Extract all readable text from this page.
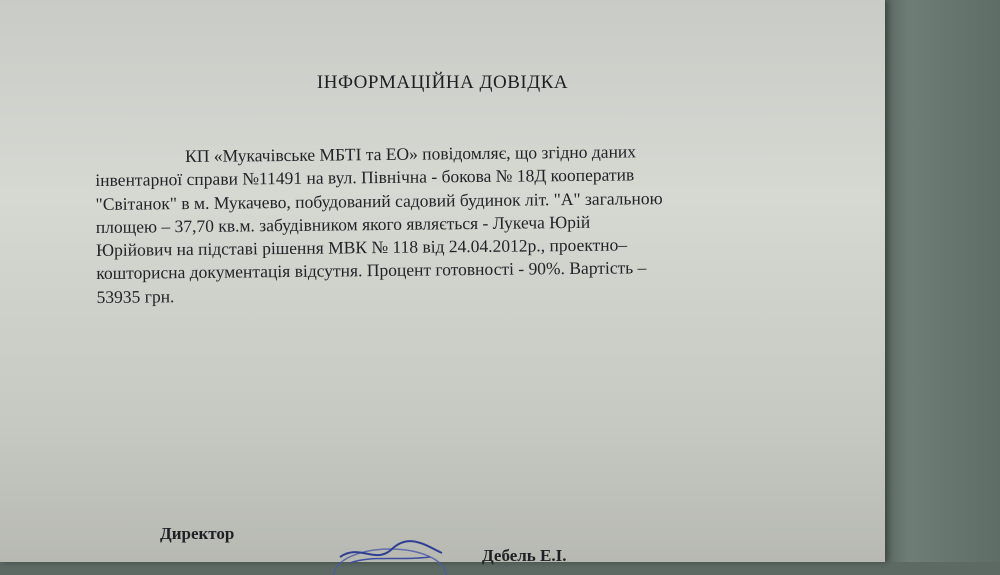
ІНФОРМАЦІЙНА ДОВІДКА
КП «Мукачівське МБТІ та ЕО» повідомляє, що згідно даних
інвентарної справи №11491 на вул. Північна - бокова № 18Д кооператив
"Світанок" в м. Мукачево, побудований садовий будинок літ. "А" загальною
площею – 37,70 кв.м. забудівником якого являється - Лукеча Юрій
Юрійович на підставі рішення МВК № 118 від 24.04.2012р., проектно–
кошторисна документація відсутня. Процент готовності - 90%. Вартість –
53935 грн.
Директор
Дебель Е.І.
